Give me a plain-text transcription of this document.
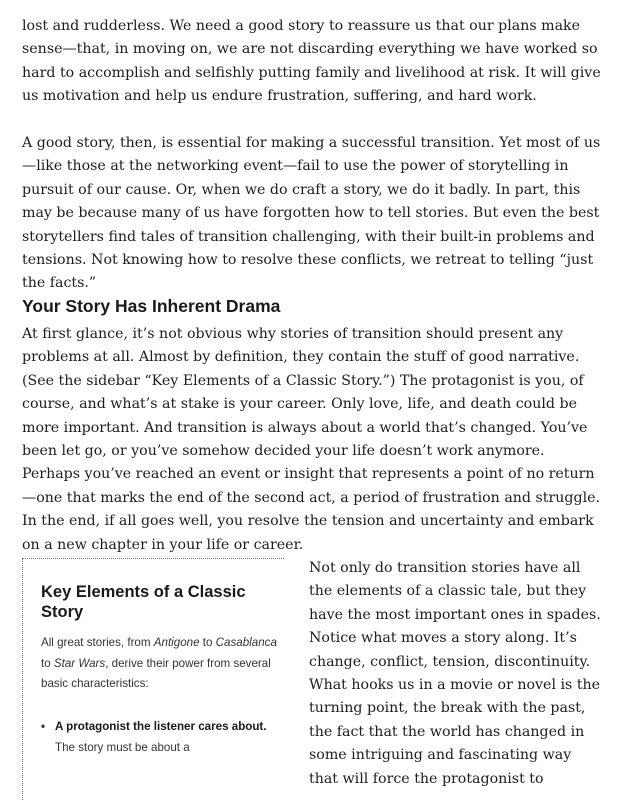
lost and rudderless. We need a good story to reassure us that our plans make sense—that, in moving on, we are not discarding everything we have worked so hard to accomplish and selfishly putting family and livelihood at risk. It will give us motivation and help us endure frustration, suffering, and hard work.

A good story, then, is essential for making a successful transition. Yet most of us—like those at the networking event—fail to use the power of storytelling in pursuit of our cause. Or, when we do craft a story, we do it badly. In part, this may be because many of us have forgotten how to tell stories. But even the best storytellers find tales of transition challenging, with their built-in problems and tensions. Not knowing how to resolve these conflicts, we retreat to telling “just the facts.”

Your Story Has Inherent Drama

At first glance, it’s not obvious why stories of transition should present any problems at all. Almost by definition, they contain the stuff of good narrative. (See the sidebar “Key Elements of a Classic Story.”) The protagonist is you, of course, and what’s at stake is your career. Only love, life, and death could be more important. And transition is always about a world that’s changed. You’ve been let go, or you’ve somehow decided your life doesn’t work anymore. Perhaps you’ve reached an event or insight that represents a point of no return—one that marks the end of the second act, a period of frustration and struggle. In the end, if all goes well, you resolve the tension and uncertainty and embark on a new chapter in your life or career.

Key Elements of a Classic Story

All great stories, from Antigone to Casablanca to Star Wars, derive their power from several basic characteristics:

• A protagonist the listener cares about. The story must be about a

Not only do transition stories have all the elements of a classic tale, but they have the most important ones in spades. Notice what moves a story along. It’s change, conflict, tension, discontinuity. What hooks us in a movie or novel is the turning point, the break with the past, the fact that the world has changed in some intriguing and fascinating way that will force the protagonist to
